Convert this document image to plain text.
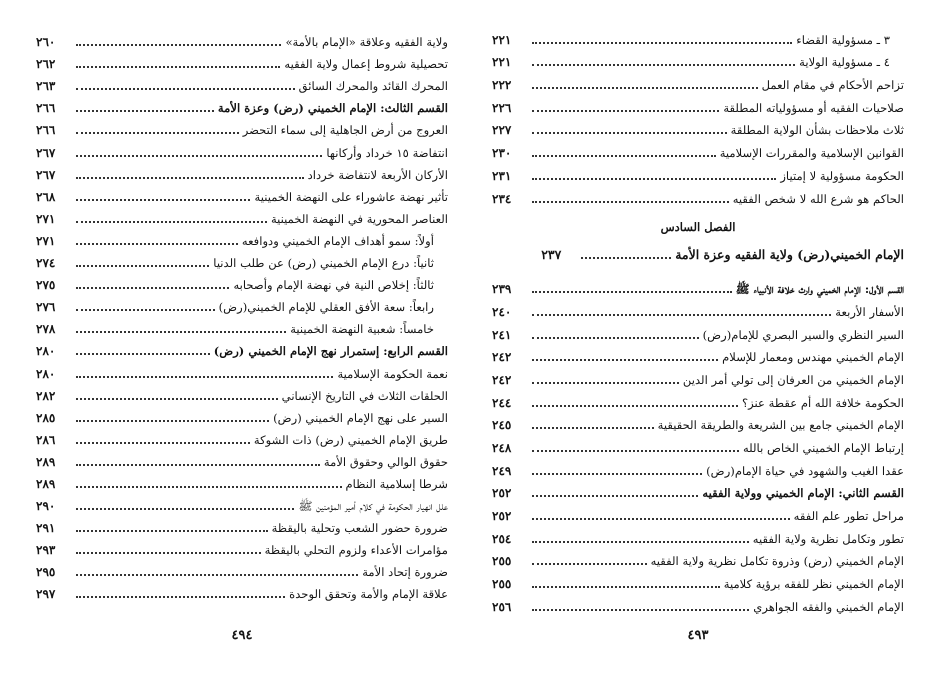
ولاية الفقيه وعلاقة «الإمام بالأمة»
٢٦٠
تحصيلية شروط إعمال ولاية الفقيه
٢٦٢
المحرك القائد والمحرك السائق
٢٦٣
القسم الثالث: الإمام الخميني (رض) وعزة الأمة
٢٦٦
العروج من أرض الجاهلية إلى سماء التحضر
٢٦٦
انتفاضة ١٥ خرداد وأركانها
٢٦٧
الأركان الأربعة لانتفاضة خرداد
٢٦٧
تأثير نهضة عاشوراء على النهضة الخمينية
٢٦٨
العناصر المحورية في النهضة الخمينية
٢٧١
أولاً: سمو أهداف الإمام الخميني ودوافعه
٢٧١
ثانياً: درع الإمام الخميني (رض) عن طلب الدنيا
٢٧٤
ثالثاً: إخلاص النية في نهضة الإمام وأصحابه
٢٧٥
رابعاً: سعة الأفق العقلي للإمام الخميني(رض)
٢٧٦
خامساً: شعبية النهضة الخمينية
٢٧٨
القسم الرابع: إستمرار نهج الإمام الخميني (رض)
٢٨٠
نعمة الحكومة الإسلامية
٢٨٠
الحلقات الثلاث في التاريخ الإنساني
٢٨٢
السير على نهج الإمام الخميني (رض)
٢٨٥
طريق الإمام الخميني (رض) ذات الشوكة
٢٨٦
حقوق الوالي وحقوق الأمة
٢٨٩
شرطا إسلامية النظام
٢٨٩
علل انهيار الحكومة في كلام أمير المؤمنين ﷺ
٢٩٠
ضرورة حضور الشعب وتحلية باليقظة
٢٩١
مؤامرات الأعداء ولزوم التحلي باليقظة
٢٩٣
ضرورة إتحاد الأمة
٢٩٥
علاقة الإمام والأمة وتحقق الوحدة
٢٩٧
٤٩٤
٣ ـ مسؤولية القضاء
٢٢١
٤ ـ مسؤولية الولاية
٢٢١
تزاحم الأحكام في مقام العمل
٢٢٢
صلاحيات الفقيه أو مسؤولياته المطلقة
٢٢٦
ثلاث ملاحظات بشأن الولاية المطلقة
٢٢٧
القوانين الإسلامية والمقررات الإسلامية
٢٣٠
الحكومة مسؤولية لا إمتياز
٢٣١
الحاكم هو شرع الله لا شخص الفقيه
٢٣٤
الفصل السادس
الإمام الخميني(رض) ولاية الفقيه وعزة الأمة
٢٣٧
القسم الأول: الإمام الخميني وارث خلافة الأنبياء ﷺ
٢٣٩
الأسفار الأربعة
٢٤٠
السير النظري والسير البصري للإمام(رض)
٢٤١
الإمام الخميني مهندس ومعمار للإسلام
٢٤٢
الإمام الخميني من العرفان إلى تولي أمر الدين
٢٤٢
الحكومة خلافة الله أم عقطة عنز؟
٢٤٤
الإمام الخميني جامع بين الشريعة والطريقة الحقيقية
٢٤٥
إرتباط الإمام الخميني الخاص بالله
٢٤٨
عقدا الغيب والشهود في حياة الإمام(رض)
٢٤٩
القسم الثاني: الإمام الخميني وولاية الفقيه
٢٥٢
مراحل تطور علم الفقه
٢٥٢
تطور وتكامل نظرية ولاية الفقيه
٢٥٤
الإمام الخميني (رض) وذروة تكامل نظرية ولاية الفقيه
٢٥٥
الإمام الخميني نظر للفقه برؤية كلامية
٢٥٥
الإمام الخميني والفقه الجواهري
٢٥٦
٤٩٣
